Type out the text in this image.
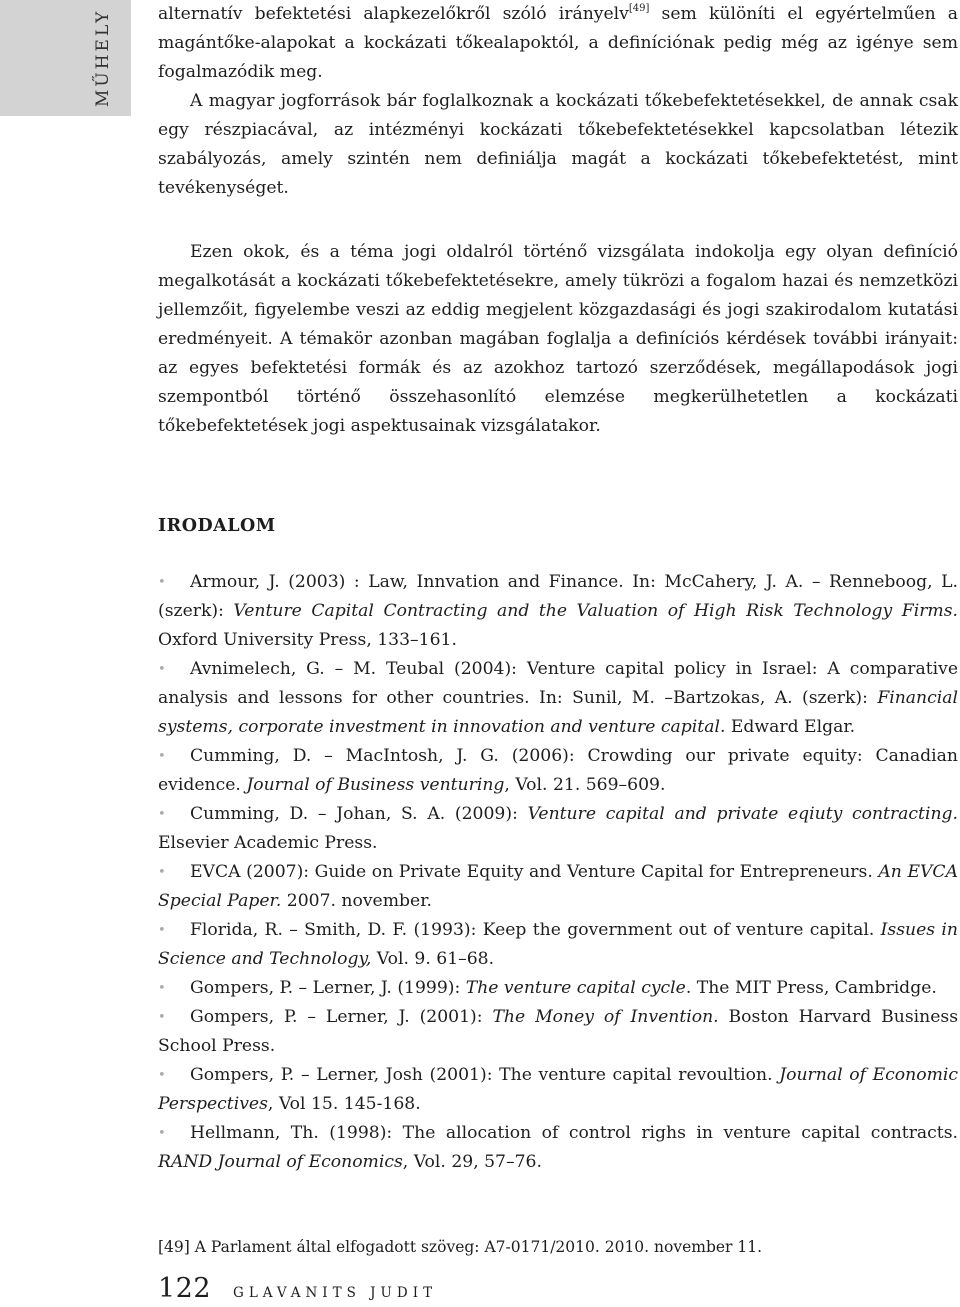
MŰHELY	alternatív befektetési alapkezelőkről szóló irányelv[49] sem különíti el egyértelműen a magántőke-alapokat a kockázati tőkealapoktól, a definíciónak pedig még az igénye sem fogalmazódik meg.

A magyar jogforrások bár foglalkoznak a kockázati tőkebefektetésekkel, de annak csak egy részpiacával, az intézményi kockázati tőkebefektetésekkel kapcsolatban létezik szabályozás, amely szintén nem definiálja magát a kockázati tőkebefektetést, mint tevékenységet.

Ezen okok, és a téma jogi oldalról történő vizsgálata indokolja egy olyan definíció megalkotását a kockázati tőkebefektetésekre, amely tükrözi a fogalom hazai és nemzetközi jellemzőit, figyelembe veszi az eddig megjelent közgazdasági és jogi szakirodalom kutatási eredményeit. A témakör azonban magában foglalja a definíciós kérdések további irányait: az egyes befektetési formák és az azokhoz tartozó szerződések, megállapodások jogi szempontból történő összehasonlító elemzése megkerülhetetlen a kockázati tőkebefektetések jogi aspektusainak vizsgálatakor.

IRODALOM
• Armour, J. (2003) : Law, Innvation and Finance. In: McCahery, J. A. – Renneboog, L. (szerk): Venture Capital Contracting and the Valuation of High Risk Technology Firms. Oxford University Press, 133–161.
• Avnimelech, G. – M. Teubal (2004): Venture capital policy in Israel: A comparative analysis and lessons for other countries. In: Sunil, M. –Bartzokas, A. (szerk): Financial systems, corporate investment in innovation and venture capital. Edward Elgar.
• Cumming, D. – MacIntosh, J. G. (2006): Crowding our private equity: Canadian evidence. Journal of Business venturing, Vol. 21. 569–609.
• Cumming, D. – Johan, S. A. (2009): Venture capital and private eqiuty contracting. Elsevier Academic Press.
• EVCA (2007): Guide on Private Equity and Venture Capital for Entrepreneurs. An EVCA Special Paper. 2007. november.
• Florida, R. – Smith, D. F. (1993): Keep the government out of venture capital. Issues in Science and Technology, Vol. 9. 61–68.
• Gompers, P. – Lerner, J. (1999): The venture capital cycle. The MIT Press, Cambridge.
• Gompers, P. – Lerner, J. (2001): The Money of Invention. Boston Harvard Business School Press.
• Gompers, P. – Lerner, Josh (2001): The venture capital revoultion. Journal of Economic Perspectives, Vol 15. 145-168.
• Hellmann, Th. (1998): The allocation of control righs in venture capital contracts. RAND Journal of Economics, Vol. 29, 57–76.
[49] A Parlament által elfogadott szöveg: A7-0171/2010. 2010. november 11.
122 GLAVANITS JUDIT
